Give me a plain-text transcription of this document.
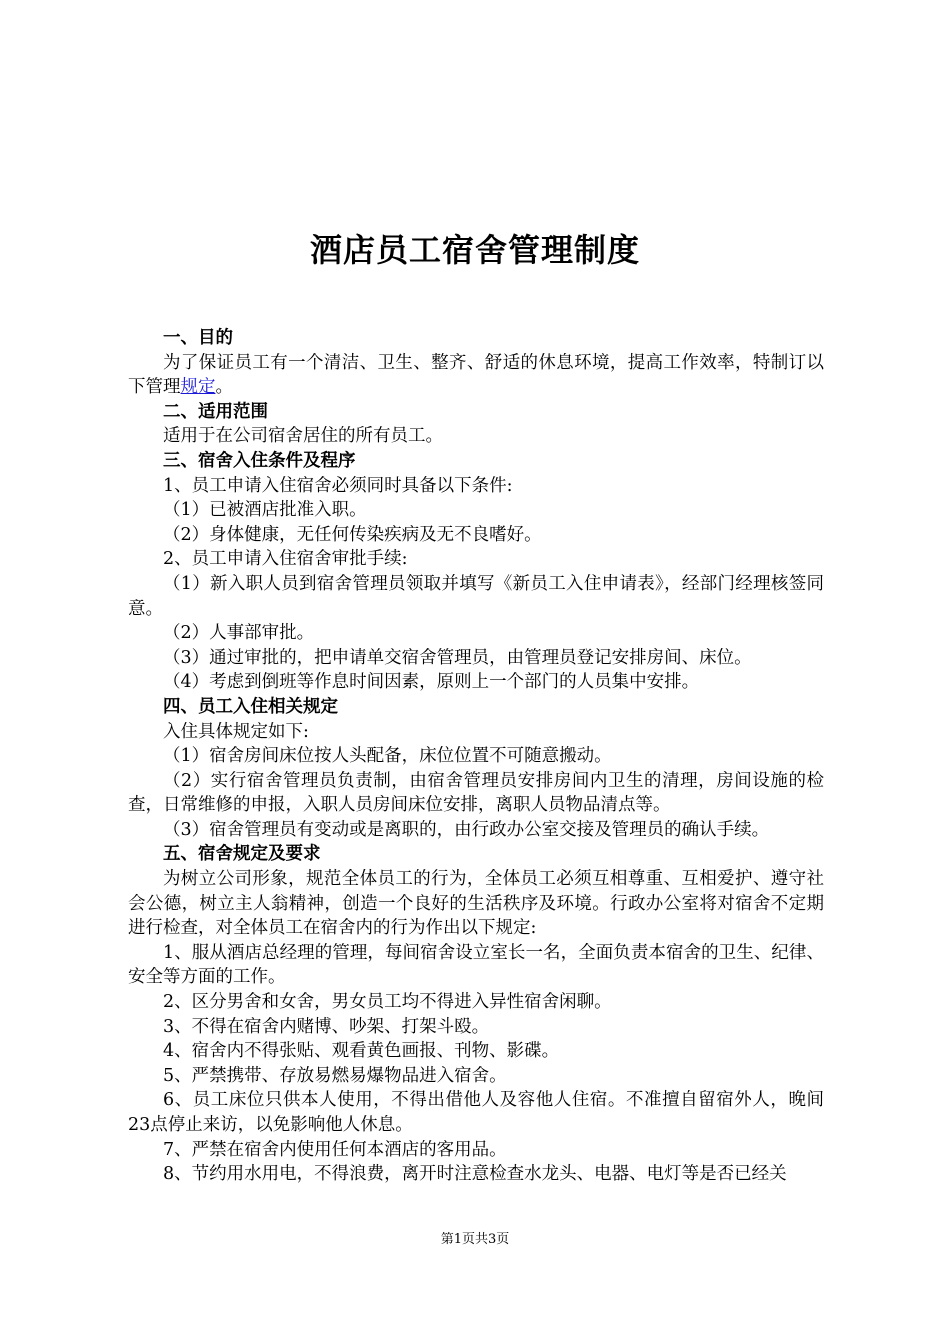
酒店员工宿舍管理制度

一、目的

为了保证员工有一个清洁、卫生、整齐、舒适的休息环境，提高工作效率，特制订以下管理规定。

二、适用范围

适用于在公司宿舍居住的所有员工。

三、宿舍入住条件及程序

1、员工申请入住宿舍必须同时具备以下条件:

（1）已被酒店批准入职。

（2）身体健康，无任何传染疾病及无不良嗜好。

2、员工申请入住宿舍审批手续:

（1）新入职人员到宿舍管理员领取并填写《新员工入住申请表》，经部门经理核签同意。

（2）人事部审批。

（3）通过审批的，把申请单交宿舍管理员，由管理员登记安排房间、床位。

（4）考虑到倒班等作息时间因素，原则上一个部门的人员集中安排。

四、员工入住相关规定

入住具体规定如下:

（1）宿舍房间床位按人头配备，床位位置不可随意搬动。

（2）实行宿舍管理员负责制，由宿舍管理员安排房间内卫生的清理，房间设施的检查，日常维修的申报，入职人员房间床位安排，离职人员物品清点等。

（3）宿舍管理员有变动或是离职的，由行政办公室交接及管理员的确认手续。

五、宿舍规定及要求

为树立公司形象，规范全体员工的行为，全体员工必须互相尊重、互相爱护、遵守社会公德，树立主人翁精神，创造一个良好的生活秩序及环境。行政办公室将对宿舍不定期进行检查，对全体员工在宿舍内的行为作出以下规定:

1、服从酒店总经理的管理，每间宿舍设立室长一名，全面负责本宿舍的卫生、纪律、安全等方面的工作。

2、区分男舍和女舍，男女员工均不得进入异性宿舍闲聊。

3、不得在宿舍内赌博、吵架、打架斗殴。

4、宿舍内不得张贴、观看黄色画报、刊物、影碟。

5、严禁携带、存放易燃易爆物品进入宿舍。

6、员工床位只供本人使用，不得出借他人及容他人住宿。不准擅自留宿外人，晚间23点停止来访，以免影响他人休息。

7、严禁在宿舍内使用任何本酒店的客用品。

8、节约用水用电，不得浪费，离开时注意检查水龙头、电器、电灯等是否已经关

第1页共3页
